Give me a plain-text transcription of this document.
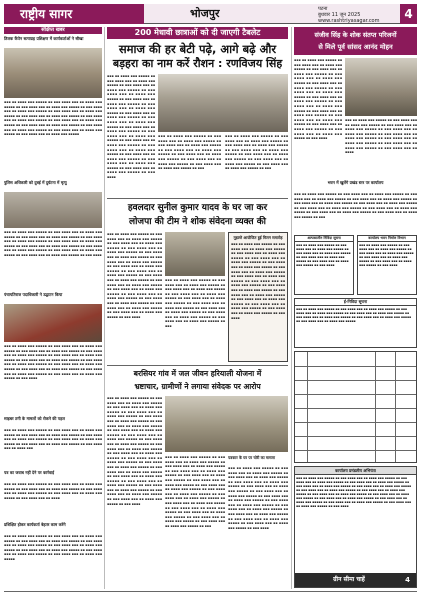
राष्ट्रीय सागर	भोजपुर	पटना
बुधवार 11 जून 2025
www.rashtriyasagar.com	4
संक्षिप्त खबर
तिलक कैंपेन सत्याग्रह प्रशिक्षण में कार्यकर्ताओं ने सीखा
▪▪▪ ▪▪ ▪▪▪▪ ▪▪▪ ▪▪▪▪▪ ▪▪ ▪▪▪ ▪▪▪▪ ▪▪▪ ▪▪ ▪▪▪▪ ▪▪▪ ▪▪▪▪▪ ▪▪ ▪▪▪ ▪▪▪▪ ▪▪▪ ▪▪ ▪▪▪▪ ▪▪▪ ▪▪▪▪▪ ▪▪ ▪▪▪ ▪▪▪▪ ▪▪▪ ▪▪ ▪▪▪▪ ▪▪▪ ▪▪▪▪▪ ▪▪ ▪▪▪ ▪▪▪▪ ▪▪▪ ▪▪ ▪▪▪▪ ▪▪▪ ▪▪▪▪▪ ▪▪ ▪▪▪ ▪▪▪▪ ▪▪▪ ▪▪ ▪▪▪▪ ▪▪▪ ▪▪▪▪▪ ▪▪ ▪▪▪ ▪▪▪▪ ▪▪▪ ▪▪ ▪▪▪▪ ▪▪▪ ▪▪▪▪▪ ▪▪ ▪▪▪ ▪▪▪▪ ▪▪▪ ▪▪ ▪▪▪▪ ▪▪▪ ▪▪▪▪▪ ▪▪ ▪▪▪ ▪▪▪▪ ▪▪▪ ▪▪ ▪▪▪▪ ▪▪▪ ▪▪▪▪▪ ▪▪ ▪▪▪ ▪▪▪▪ ▪▪▪ ▪▪ ▪▪▪▪ ▪▪▪ ▪▪▪▪▪ ▪▪ ▪▪▪ ▪▪▪▪ ▪▪▪ ▪▪ ▪▪▪▪ ▪▪▪ ▪▪▪▪▪ ▪▪ ▪▪▪ ▪▪▪▪ ▪▪▪ ▪▪ ▪▪▪▪ ▪▪▪ ▪▪▪▪▪
पुलिस अधिकारी को दुबई में दुर्घटना में मृत्यु
▪▪▪ ▪▪ ▪▪▪▪ ▪▪▪ ▪▪▪▪▪ ▪▪ ▪▪▪ ▪▪▪▪ ▪▪▪ ▪▪ ▪▪▪▪ ▪▪▪ ▪▪▪▪▪ ▪▪ ▪▪▪ ▪▪▪▪ ▪▪▪ ▪▪ ▪▪▪▪ ▪▪▪ ▪▪▪▪▪ ▪▪ ▪▪▪ ▪▪▪▪ ▪▪▪ ▪▪ ▪▪▪▪ ▪▪▪ ▪▪▪▪▪ ▪▪ ▪▪▪ ▪▪▪▪ ▪▪▪ ▪▪ ▪▪▪▪ ▪▪▪ ▪▪▪▪▪ ▪▪ ▪▪▪ ▪▪▪▪ ▪▪▪ ▪▪ ▪▪▪▪ ▪▪▪ ▪▪▪▪▪ ▪▪ ▪▪▪ ▪▪▪▪ ▪▪▪ ▪▪ ▪▪▪▪ ▪▪▪ ▪▪▪▪▪ ▪▪ ▪▪▪ ▪▪▪▪ ▪▪▪ ▪▪ ▪▪▪▪ ▪▪▪ ▪▪▪▪▪ ▪▪ ▪▪▪ ▪▪▪▪ ▪▪▪ ▪▪ ▪▪▪▪ ▪▪▪ ▪▪▪▪▪ ▪▪ ▪▪▪ ▪▪▪▪
पंचायतिराज पदाधिकारी ने उद्घाटन किया
▪▪▪ ▪▪ ▪▪▪▪ ▪▪▪ ▪▪▪▪▪ ▪▪ ▪▪▪ ▪▪▪▪ ▪▪▪ ▪▪ ▪▪▪▪ ▪▪▪ ▪▪▪▪▪ ▪▪ ▪▪▪ ▪▪▪▪ ▪▪▪ ▪▪ ▪▪▪▪ ▪▪▪ ▪▪▪▪▪ ▪▪ ▪▪▪ ▪▪▪▪ ▪▪▪ ▪▪ ▪▪▪▪ ▪▪▪ ▪▪▪▪▪ ▪▪ ▪▪▪ ▪▪▪▪ ▪▪▪ ▪▪ ▪▪▪▪ ▪▪▪ ▪▪▪▪▪ ▪▪ ▪▪▪ ▪▪▪▪ ▪▪▪ ▪▪ ▪▪▪▪ ▪▪▪ ▪▪▪▪▪ ▪▪ ▪▪▪ ▪▪▪▪ ▪▪▪ ▪▪ ▪▪▪▪ ▪▪▪ ▪▪▪▪▪ ▪▪ ▪▪▪ ▪▪▪▪ ▪▪▪ ▪▪ ▪▪▪▪ ▪▪▪ ▪▪▪▪▪ ▪▪ ▪▪▪ ▪▪▪▪ ▪▪▪ ▪▪ ▪▪▪▪ ▪▪▪ ▪▪▪▪▪ ▪▪ ▪▪▪ ▪▪▪▪ ▪▪▪ ▪▪ ▪▪▪▪ ▪▪▪ ▪▪▪▪▪ ▪▪ ▪▪▪ ▪▪▪▪ ▪▪▪ ▪▪ ▪▪▪▪ ▪▪▪ ▪▪▪▪▪ ▪▪ ▪▪▪ ▪▪▪▪
साइबर ठगी के मामलों को रोकने की पहल
▪▪▪ ▪▪ ▪▪▪▪ ▪▪▪ ▪▪▪▪▪ ▪▪ ▪▪▪ ▪▪▪▪ ▪▪▪ ▪▪ ▪▪▪▪ ▪▪▪ ▪▪▪▪▪ ▪▪ ▪▪▪ ▪▪▪▪ ▪▪▪ ▪▪ ▪▪▪▪ ▪▪▪ ▪▪▪▪▪ ▪▪ ▪▪▪ ▪▪▪▪ ▪▪▪ ▪▪ ▪▪▪▪ ▪▪▪ ▪▪▪▪▪ ▪▪ ▪▪▪ ▪▪▪▪ ▪▪▪ ▪▪ ▪▪▪▪ ▪▪▪ ▪▪▪▪▪ ▪▪ ▪▪▪ ▪▪▪▪ ▪▪▪ ▪▪ ▪▪▪▪ ▪▪▪ ▪▪▪▪▪ ▪▪ ▪▪▪ ▪▪▪▪ ▪▪▪ ▪▪ ▪▪▪▪ ▪▪▪
पत्र का जवाब नहीं देने पर कार्रवाई
▪▪▪ ▪▪ ▪▪▪▪ ▪▪▪ ▪▪▪▪▪ ▪▪ ▪▪▪ ▪▪▪▪ ▪▪▪ ▪▪ ▪▪▪▪ ▪▪▪ ▪▪▪▪▪ ▪▪ ▪▪▪ ▪▪▪▪ ▪▪▪ ▪▪ ▪▪▪▪ ▪▪▪ ▪▪▪▪▪ ▪▪ ▪▪▪ ▪▪▪▪ ▪▪▪ ▪▪ ▪▪▪▪ ▪▪▪ ▪▪▪▪▪ ▪▪ ▪▪▪ ▪▪▪▪ ▪▪▪ ▪▪ ▪▪▪▪ ▪▪▪ ▪▪▪▪▪ ▪▪ ▪▪▪ ▪▪▪▪ ▪▪▪ ▪▪ ▪▪▪▪
प्रशिक्षित होकर कार्यकर्ता बेहतर काम करेंगे
▪▪▪ ▪▪ ▪▪▪▪ ▪▪▪ ▪▪▪▪▪ ▪▪ ▪▪▪ ▪▪▪▪ ▪▪▪ ▪▪ ▪▪▪▪ ▪▪▪ ▪▪▪▪▪ ▪▪ ▪▪▪ ▪▪▪▪ ▪▪▪ ▪▪ ▪▪▪▪ ▪▪▪ ▪▪▪▪▪ ▪▪ ▪▪▪ ▪▪▪▪ ▪▪▪ ▪▪ ▪▪▪▪ ▪▪▪ ▪▪▪▪▪ ▪▪ ▪▪▪ ▪▪▪▪ ▪▪▪ ▪▪ ▪▪▪▪ ▪▪▪ ▪▪▪▪▪ ▪▪ ▪▪▪ ▪▪▪▪ ▪▪▪ ▪▪ ▪▪▪▪ ▪▪▪ ▪▪▪▪▪ ▪▪ ▪▪▪ ▪▪▪▪ ▪▪▪ ▪▪ ▪▪▪▪ ▪▪▪ ▪▪▪▪▪ ▪▪ ▪▪▪ ▪▪▪▪ ▪▪▪ ▪▪ ▪▪▪▪ ▪▪▪ ▪▪▪▪▪
200 मेधावी छात्राओं को दी जाएगी टैबलेट
समाज की हर बेटी पढ़े, आगे बढ़े और
बड़हरा का नाम करें रौशन : रणविजय सिंह
▪▪▪ ▪▪ ▪▪▪▪ ▪▪▪ ▪▪▪▪▪ ▪▪ ▪▪▪ ▪▪▪▪ ▪▪▪ ▪▪ ▪▪▪▪ ▪▪▪ ▪▪▪▪▪ ▪▪ ▪▪▪ ▪▪▪▪ ▪▪▪ ▪▪ ▪▪▪▪ ▪▪▪ ▪▪▪▪▪ ▪▪ ▪▪▪ ▪▪▪▪ ▪▪▪ ▪▪ ▪▪▪▪ ▪▪▪ ▪▪▪▪▪ ▪▪ ▪▪▪ ▪▪▪▪ ▪▪▪ ▪▪ ▪▪▪▪ ▪▪▪ ▪▪▪▪▪ ▪▪ ▪▪▪ ▪▪▪▪ ▪▪▪ ▪▪ ▪▪▪▪ ▪▪▪ ▪▪▪▪▪ ▪▪ ▪▪▪ ▪▪▪▪ ▪▪▪ ▪▪ ▪▪▪▪ ▪▪▪ ▪▪▪▪▪ ▪▪ ▪▪▪ ▪▪▪▪ ▪▪▪ ▪▪ ▪▪▪▪ ▪▪▪ ▪▪▪▪▪ ▪▪ ▪▪▪ ▪▪▪▪ ▪▪▪ ▪▪ ▪▪▪▪ ▪▪▪ ▪▪▪▪▪ ▪▪ ▪▪▪ ▪▪▪▪ ▪▪▪ ▪▪ ▪▪▪▪ ▪▪▪ ▪▪▪▪▪ ▪▪ ▪▪▪ ▪▪▪▪ ▪▪▪ ▪▪ ▪▪▪▪ ▪▪▪ ▪▪▪▪▪ ▪▪ ▪▪▪ ▪▪▪▪ ▪▪▪ ▪▪ ▪▪▪▪ ▪▪▪ ▪▪▪▪▪ ▪▪ ▪▪▪ ▪▪▪▪ ▪▪▪ ▪▪ ▪▪▪▪ ▪▪▪ ▪▪▪▪▪ ▪▪ ▪▪▪ ▪▪▪▪ ▪▪▪ ▪▪ ▪▪▪▪ ▪▪▪ ▪▪▪▪▪ ▪▪ ▪▪▪ ▪▪▪▪ ▪▪▪ ▪▪ ▪▪▪▪ ▪▪▪ ▪▪▪▪▪ ▪▪ ▪▪▪ ▪▪▪▪
▪▪▪ ▪▪ ▪▪▪▪ ▪▪▪ ▪▪▪▪▪ ▪▪ ▪▪▪ ▪▪▪▪ ▪▪▪ ▪▪ ▪▪▪▪ ▪▪▪ ▪▪▪▪▪ ▪▪ ▪▪▪ ▪▪▪▪ ▪▪▪ ▪▪ ▪▪▪▪ ▪▪▪ ▪▪▪▪▪ ▪▪ ▪▪▪ ▪▪▪▪ ▪▪▪ ▪▪ ▪▪▪▪ ▪▪▪ ▪▪▪▪▪ ▪▪ ▪▪▪ ▪▪▪▪ ▪▪▪ ▪▪ ▪▪▪▪ ▪▪▪ ▪▪▪▪▪ ▪▪ ▪▪▪ ▪▪▪▪ ▪▪▪ ▪▪ ▪▪▪▪ ▪▪▪ ▪▪▪▪▪ ▪▪ ▪▪▪ ▪▪▪▪ ▪▪▪ ▪▪ ▪▪▪▪ ▪▪▪ ▪▪▪▪▪ ▪▪ ▪▪▪
▪▪▪ ▪▪ ▪▪▪▪ ▪▪▪ ▪▪▪▪▪ ▪▪ ▪▪▪ ▪▪▪▪ ▪▪▪ ▪▪ ▪▪▪▪ ▪▪▪ ▪▪▪▪▪ ▪▪ ▪▪▪ ▪▪▪▪ ▪▪▪ ▪▪ ▪▪▪▪ ▪▪▪ ▪▪▪▪▪ ▪▪ ▪▪▪ ▪▪▪▪ ▪▪▪ ▪▪ ▪▪▪▪ ▪▪▪ ▪▪▪▪▪ ▪▪ ▪▪▪ ▪▪▪▪ ▪▪▪ ▪▪ ▪▪▪▪ ▪▪▪ ▪▪▪▪▪ ▪▪ ▪▪▪ ▪▪▪▪ ▪▪▪ ▪▪ ▪▪▪▪ ▪▪▪ ▪▪▪▪▪ ▪▪ ▪▪▪ ▪▪▪▪ ▪▪▪ ▪▪ ▪▪▪▪ ▪▪▪ ▪▪▪▪▪ ▪▪ ▪▪▪
हवलदार सुनील कुमार यादव के घर जा कर
लोजपा की टीम ने शोक संवेदना व्यक्त की
▪▪▪ ▪▪ ▪▪▪▪ ▪▪▪ ▪▪▪▪▪ ▪▪ ▪▪▪ ▪▪▪▪ ▪▪▪ ▪▪ ▪▪▪▪ ▪▪▪ ▪▪▪▪▪ ▪▪ ▪▪▪ ▪▪▪▪ ▪▪▪ ▪▪ ▪▪▪▪ ▪▪▪ ▪▪▪▪▪ ▪▪ ▪▪▪ ▪▪▪▪ ▪▪▪ ▪▪ ▪▪▪▪ ▪▪▪ ▪▪▪▪▪ ▪▪ ▪▪▪ ▪▪▪▪ ▪▪▪ ▪▪ ▪▪▪▪ ▪▪▪ ▪▪▪▪▪ ▪▪ ▪▪▪ ▪▪▪▪ ▪▪▪ ▪▪ ▪▪▪▪ ▪▪▪ ▪▪▪▪▪ ▪▪ ▪▪▪ ▪▪▪▪ ▪▪▪ ▪▪ ▪▪▪▪ ▪▪▪ ▪▪▪▪▪ ▪▪ ▪▪▪ ▪▪▪▪ ▪▪▪ ▪▪ ▪▪▪▪ ▪▪▪ ▪▪▪▪▪ ▪▪ ▪▪▪ ▪▪▪▪ ▪▪▪ ▪▪ ▪▪▪▪ ▪▪▪ ▪▪▪▪▪ ▪▪ ▪▪▪ ▪▪▪▪ ▪▪▪ ▪▪ ▪▪▪▪ ▪▪▪ ▪▪▪▪▪ ▪▪ ▪▪▪ ▪▪▪▪ ▪▪▪ ▪▪ ▪▪▪▪ ▪▪▪ ▪▪▪▪▪ ▪▪ ▪▪▪ ▪▪▪▪ ▪▪▪ ▪▪ ▪▪▪▪ ▪▪▪ ▪▪▪▪▪ ▪▪ ▪▪▪ ▪▪▪▪ ▪▪▪ ▪▪ ▪▪▪▪ ▪▪▪ ▪▪▪▪▪ ▪▪ ▪▪▪ ▪▪▪▪ ▪▪▪ ▪▪ ▪▪▪▪ ▪▪▪ ▪▪▪▪▪ ▪▪ ▪▪▪ ▪▪▪▪ ▪▪▪ ▪▪ ▪▪▪▪ ▪▪▪ ▪▪▪▪▪ ▪▪ ▪▪▪ ▪▪▪▪
▪▪▪ ▪▪ ▪▪▪▪ ▪▪▪ ▪▪▪▪▪ ▪▪ ▪▪▪ ▪▪▪▪ ▪▪▪ ▪▪ ▪▪▪▪ ▪▪▪ ▪▪▪▪▪ ▪▪ ▪▪▪ ▪▪▪▪ ▪▪▪ ▪▪ ▪▪▪▪ ▪▪▪ ▪▪▪▪▪ ▪▪ ▪▪▪ ▪▪▪▪ ▪▪▪ ▪▪ ▪▪▪▪ ▪▪▪ ▪▪▪▪▪ ▪▪ ▪▪▪ ▪▪▪▪ ▪▪▪ ▪▪ ▪▪▪▪ ▪▪▪ ▪▪▪▪▪ ▪▪ ▪▪▪ ▪▪▪▪ ▪▪▪ ▪▪ ▪▪▪▪ ▪▪▪ ▪▪▪▪▪ ▪▪ ▪▪▪ ▪▪▪▪ ▪▪▪ ▪▪ ▪▪▪▪ ▪▪▪ ▪▪▪▪▪ ▪▪ ▪▪▪ ▪▪▪▪ ▪▪▪ ▪▪ ▪▪▪▪ ▪▪▪ ▪▪▪▪▪ ▪▪ ▪▪▪ ▪▪▪▪ ▪▪▪ ▪▪ ▪▪▪▪ ▪▪▪ ▪▪▪▪▪ ▪▪ ▪▪▪
मुहल्ले आयोजित हुई मिलन समारोह
▪▪▪ ▪▪ ▪▪▪▪ ▪▪▪ ▪▪▪▪▪ ▪▪ ▪▪▪ ▪▪▪▪ ▪▪▪ ▪▪ ▪▪▪▪ ▪▪▪ ▪▪▪▪▪ ▪▪ ▪▪▪ ▪▪▪▪ ▪▪▪ ▪▪ ▪▪▪▪ ▪▪▪ ▪▪▪▪▪ ▪▪ ▪▪▪ ▪▪▪▪ ▪▪▪ ▪▪ ▪▪▪▪ ▪▪▪ ▪▪▪▪▪ ▪▪ ▪▪▪ ▪▪▪▪ ▪▪▪ ▪▪ ▪▪▪▪ ▪▪▪ ▪▪▪▪▪ ▪▪ ▪▪▪ ▪▪▪▪ ▪▪▪ ▪▪ ▪▪▪▪ ▪▪▪ ▪▪▪▪▪ ▪▪ ▪▪▪ ▪▪▪▪ ▪▪▪ ▪▪ ▪▪▪▪ ▪▪▪ ▪▪▪▪▪ ▪▪ ▪▪▪ ▪▪▪▪ ▪▪▪ ▪▪ ▪▪▪▪ ▪▪▪ ▪▪▪▪▪ ▪▪ ▪▪▪ ▪▪▪▪ ▪▪▪ ▪▪ ▪▪▪▪ ▪▪▪ ▪▪▪▪▪ ▪▪ ▪▪▪ ▪▪▪▪ ▪▪▪ ▪▪ ▪▪▪▪ ▪▪▪ ▪▪▪▪▪ ▪▪ ▪▪▪ ▪▪▪▪ ▪▪▪ ▪▪ ▪▪▪▪ ▪▪▪ ▪▪▪▪▪ ▪▪ ▪▪▪ ▪▪▪▪ ▪▪▪ ▪▪ ▪▪▪▪ ▪▪▪ ▪▪▪▪▪ ▪▪ ▪▪▪ ▪▪▪▪ ▪▪▪ ▪▪ ▪▪▪▪ ▪▪▪ ▪▪▪▪▪ ▪▪ ▪▪▪ ▪▪▪▪
बरसियर गांव में जल जीवन हरियाली योजना में
भ्रष्टाचार, ग्रामीणों ने लगाया संवेदक पर आरोप
▪▪▪ ▪▪ ▪▪▪▪ ▪▪▪ ▪▪▪▪▪ ▪▪ ▪▪▪ ▪▪▪▪ ▪▪▪ ▪▪ ▪▪▪▪ ▪▪▪ ▪▪▪▪▪ ▪▪ ▪▪▪ ▪▪▪▪ ▪▪▪ ▪▪ ▪▪▪▪ ▪▪▪ ▪▪▪▪▪ ▪▪ ▪▪▪ ▪▪▪▪ ▪▪▪ ▪▪ ▪▪▪▪ ▪▪▪ ▪▪▪▪▪ ▪▪ ▪▪▪ ▪▪▪▪ ▪▪▪ ▪▪ ▪▪▪▪ ▪▪▪ ▪▪▪▪▪ ▪▪ ▪▪▪ ▪▪▪▪ ▪▪▪ ▪▪ ▪▪▪▪ ▪▪▪ ▪▪▪▪▪ ▪▪ ▪▪▪ ▪▪▪▪ ▪▪▪ ▪▪ ▪▪▪▪ ▪▪▪ ▪▪▪▪▪ ▪▪ ▪▪▪ ▪▪▪▪ ▪▪▪ ▪▪ ▪▪▪▪ ▪▪▪ ▪▪▪▪▪ ▪▪ ▪▪▪ ▪▪▪▪ ▪▪▪ ▪▪ ▪▪▪▪ ▪▪▪ ▪▪▪▪▪ ▪▪ ▪▪▪ ▪▪▪▪ ▪▪▪ ▪▪ ▪▪▪▪ ▪▪▪ ▪▪▪▪▪ ▪▪ ▪▪▪ ▪▪▪▪ ▪▪▪ ▪▪ ▪▪▪▪ ▪▪▪ ▪▪▪▪▪ ▪▪ ▪▪▪ ▪▪▪▪ ▪▪▪ ▪▪ ▪▪▪▪ ▪▪▪ ▪▪▪▪▪ ▪▪ ▪▪▪ ▪▪▪▪ ▪▪▪ ▪▪ ▪▪▪▪ ▪▪▪ ▪▪▪▪▪ ▪▪ ▪▪▪ ▪▪▪▪ ▪▪▪ ▪▪ ▪▪▪▪ ▪▪▪ ▪▪▪▪▪ ▪▪ ▪▪▪ ▪▪▪▪ ▪▪▪ ▪▪ ▪▪▪▪ ▪▪▪ ▪▪▪▪▪ ▪▪ ▪▪▪ ▪▪▪▪ ▪▪▪ ▪▪ ▪▪▪▪ ▪▪▪ ▪▪▪▪▪ ▪▪ ▪▪▪ ▪▪▪▪ ▪▪▪ ▪▪ ▪▪▪▪ ▪▪▪ ▪▪▪▪▪ ▪▪ ▪▪▪ ▪▪▪▪ ▪▪▪ ▪▪ ▪▪▪▪ ▪▪▪ ▪▪▪▪▪ ▪▪ ▪▪▪ ▪▪▪▪ ▪▪▪ ▪▪ ▪▪▪▪ ▪▪▪ ▪▪▪▪▪ ▪▪ ▪▪▪ ▪▪▪▪
▪▪▪ ▪▪ ▪▪▪▪ ▪▪▪ ▪▪▪▪▪ ▪▪ ▪▪▪ ▪▪▪▪ ▪▪▪ ▪▪ ▪▪▪▪ ▪▪▪ ▪▪▪▪▪ ▪▪ ▪▪▪ ▪▪▪▪ ▪▪▪ ▪▪ ▪▪▪▪ ▪▪▪ ▪▪▪▪▪ ▪▪ ▪▪▪ ▪▪▪▪ ▪▪▪ ▪▪ ▪▪▪▪ ▪▪▪ ▪▪▪▪▪ ▪▪ ▪▪▪ ▪▪▪▪ ▪▪▪ ▪▪ ▪▪▪▪ ▪▪▪ ▪▪▪▪▪ ▪▪ ▪▪▪ ▪▪▪▪ ▪▪▪ ▪▪ ▪▪▪▪ ▪▪▪ ▪▪▪▪▪ ▪▪ ▪▪▪ ▪▪▪▪ ▪▪▪ ▪▪ ▪▪▪▪ ▪▪▪ ▪▪▪▪▪ ▪▪ ▪▪▪ ▪▪▪▪ ▪▪▪ ▪▪ ▪▪▪▪ ▪▪▪ ▪▪▪▪▪ ▪▪ ▪▪▪ ▪▪▪▪ ▪▪▪ ▪▪ ▪▪▪▪ ▪▪▪ ▪▪▪▪▪ ▪▪ ▪▪▪ ▪▪▪▪ ▪▪▪ ▪▪ ▪▪▪▪ ▪▪▪ ▪▪▪▪▪ ▪▪ ▪▪▪ ▪▪▪▪ ▪▪▪ ▪▪ ▪▪▪▪ ▪▪▪ ▪▪▪▪▪ ▪▪ ▪▪▪ ▪▪▪▪ ▪▪▪ ▪▪ ▪▪▪▪ ▪▪▪ ▪▪▪▪▪ ▪▪ ▪▪▪ ▪▪▪▪ ▪▪▪ ▪▪ ▪▪▪▪ ▪▪▪ ▪▪▪▪▪ ▪▪ ▪▪▪ ▪▪▪▪ ▪▪▪ ▪▪ ▪▪▪▪ ▪▪▪ ▪▪▪▪▪ ▪▪ ▪▪▪
पत्रकार के घर पर चोरी का मामला
▪▪▪ ▪▪ ▪▪▪▪ ▪▪▪ ▪▪▪▪▪ ▪▪ ▪▪▪ ▪▪▪▪ ▪▪▪ ▪▪ ▪▪▪▪ ▪▪▪ ▪▪▪▪▪ ▪▪ ▪▪▪ ▪▪▪▪ ▪▪▪ ▪▪ ▪▪▪▪ ▪▪▪ ▪▪▪▪▪ ▪▪ ▪▪▪ ▪▪▪▪ ▪▪▪ ▪▪ ▪▪▪▪ ▪▪▪ ▪▪▪▪▪ ▪▪ ▪▪▪ ▪▪▪▪ ▪▪▪ ▪▪ ▪▪▪▪ ▪▪▪ ▪▪▪▪▪ ▪▪ ▪▪▪ ▪▪▪▪ ▪▪▪ ▪▪ ▪▪▪▪ ▪▪▪ ▪▪▪▪▪ ▪▪ ▪▪▪ ▪▪▪▪ ▪▪▪ ▪▪ ▪▪▪▪ ▪▪▪ ▪▪▪▪▪ ▪▪ ▪▪▪ ▪▪▪▪ ▪▪▪ ▪▪ ▪▪▪▪ ▪▪▪ ▪▪▪▪▪ ▪▪ ▪▪▪ ▪▪▪▪ ▪▪▪ ▪▪ ▪▪▪▪ ▪▪▪ ▪▪▪▪▪ ▪▪ ▪▪▪ ▪▪▪▪ ▪▪▪ ▪▪ ▪▪▪▪ ▪▪▪ ▪▪▪▪▪ ▪▪ ▪▪▪ ▪▪▪▪ ▪▪▪ ▪▪ ▪▪▪▪ ▪▪▪ ▪▪▪▪▪ ▪▪ ▪▪▪ ▪▪▪▪ ▪▪▪ ▪▪ ▪▪▪▪ ▪▪▪ ▪▪▪▪▪ ▪▪ ▪▪▪ ▪▪▪▪
संजीव सिंह के शोक संतप्त परिजनों
से मिले पूर्व सांसद आनंद मोहन
▪▪▪ ▪▪ ▪▪▪▪ ▪▪▪ ▪▪▪▪▪ ▪▪ ▪▪▪ ▪▪▪▪ ▪▪▪ ▪▪ ▪▪▪▪ ▪▪▪ ▪▪▪▪▪ ▪▪ ▪▪▪ ▪▪▪▪ ▪▪▪ ▪▪ ▪▪▪▪ ▪▪▪ ▪▪▪▪▪ ▪▪ ▪▪▪ ▪▪▪▪ ▪▪▪ ▪▪ ▪▪▪▪ ▪▪▪ ▪▪▪▪▪ ▪▪ ▪▪▪ ▪▪▪▪ ▪▪▪ ▪▪ ▪▪▪▪ ▪▪▪ ▪▪▪▪▪ ▪▪ ▪▪▪ ▪▪▪▪ ▪▪▪ ▪▪ ▪▪▪▪ ▪▪▪ ▪▪▪▪▪ ▪▪ ▪▪▪ ▪▪▪▪ ▪▪▪ ▪▪ ▪▪▪▪ ▪▪▪ ▪▪▪▪▪ ▪▪ ▪▪▪ ▪▪▪▪ ▪▪▪ ▪▪ ▪▪▪▪ ▪▪▪ ▪▪▪▪▪ ▪▪ ▪▪▪ ▪▪▪▪ ▪▪▪ ▪▪ ▪▪▪▪ ▪▪▪ ▪▪▪▪▪ ▪▪ ▪▪▪ ▪▪▪▪ ▪▪▪ ▪▪ ▪▪▪▪ ▪▪▪ ▪▪▪▪▪ ▪▪ ▪▪▪ ▪▪▪▪ ▪▪▪ ▪▪ ▪▪▪▪ ▪▪▪ ▪▪▪▪▪ ▪▪ ▪▪▪ ▪▪▪▪ ▪▪▪ ▪▪ ▪▪▪▪ ▪▪▪ ▪▪▪▪▪ ▪▪ ▪▪▪ ▪▪▪▪
▪▪▪ ▪▪ ▪▪▪▪ ▪▪▪ ▪▪▪▪▪ ▪▪ ▪▪▪ ▪▪▪▪ ▪▪▪ ▪▪ ▪▪▪▪ ▪▪▪ ▪▪▪▪▪ ▪▪ ▪▪▪ ▪▪▪▪ ▪▪▪ ▪▪ ▪▪▪▪ ▪▪▪ ▪▪▪▪▪ ▪▪ ▪▪▪ ▪▪▪▪ ▪▪▪ ▪▪ ▪▪▪▪ ▪▪▪ ▪▪▪▪▪ ▪▪ ▪▪▪ ▪▪▪▪ ▪▪▪ ▪▪ ▪▪▪▪ ▪▪▪ ▪▪▪▪▪ ▪▪ ▪▪▪ ▪▪▪▪ ▪▪▪ ▪▪ ▪▪▪▪ ▪▪▪ ▪▪▪▪▪ ▪▪ ▪▪▪ ▪▪▪▪ ▪▪▪ ▪▪ ▪▪▪▪ ▪▪▪ ▪▪▪▪▪ ▪▪ ▪▪▪ ▪▪▪▪ ▪▪▪ ▪▪ ▪▪▪▪
भवन में खुलेंगे प्रखंड स्तर पर कार्यालय
▪▪▪ ▪▪ ▪▪▪▪ ▪▪▪ ▪▪▪▪▪ ▪▪ ▪▪▪ ▪▪▪▪ ▪▪▪ ▪▪ ▪▪▪▪ ▪▪▪ ▪▪▪▪▪ ▪▪ ▪▪▪ ▪▪▪▪ ▪▪▪ ▪▪ ▪▪▪▪ ▪▪▪ ▪▪▪▪▪ ▪▪ ▪▪▪ ▪▪▪▪ ▪▪▪ ▪▪ ▪▪▪▪ ▪▪▪ ▪▪▪▪▪ ▪▪ ▪▪▪ ▪▪▪▪ ▪▪▪ ▪▪ ▪▪▪▪ ▪▪▪ ▪▪▪▪▪ ▪▪ ▪▪▪ ▪▪▪▪ ▪▪▪ ▪▪ ▪▪▪▪ ▪▪▪ ▪▪▪▪▪ ▪▪ ▪▪▪ ▪▪▪▪ ▪▪▪ ▪▪ ▪▪▪▪ ▪▪▪ ▪▪▪▪▪ ▪▪ ▪▪▪ ▪▪▪▪ ▪▪▪ ▪▪ ▪▪▪▪ ▪▪▪ ▪▪▪▪▪ ▪▪ ▪▪▪ ▪▪▪▪ ▪▪▪ ▪▪ ▪▪▪▪ ▪▪▪ ▪▪▪▪▪ ▪▪ ▪▪▪ ▪▪▪▪ ▪▪▪ ▪▪ ▪▪▪▪ ▪▪▪ ▪▪▪▪▪ ▪▪ ▪▪▪
अल्पकालीन निविदा सूचना
▪▪▪ ▪▪ ▪▪▪▪ ▪▪▪ ▪▪▪▪▪ ▪▪ ▪▪▪ ▪▪▪▪ ▪▪▪ ▪▪ ▪▪▪▪ ▪▪▪ ▪▪▪▪▪ ▪▪ ▪▪▪ ▪▪▪▪ ▪▪▪ ▪▪ ▪▪▪▪ ▪▪▪ ▪▪▪▪▪ ▪▪ ▪▪▪ ▪▪▪▪ ▪▪▪ ▪▪ ▪▪▪▪ ▪▪▪ ▪▪▪▪▪ ▪▪ ▪▪▪ ▪▪▪▪ ▪▪▪ ▪▪ ▪▪▪▪ ▪▪▪ ▪▪▪▪▪ ▪▪ ▪▪▪ ▪▪▪▪
कार्यालय भवन निर्माण विभाग
▪▪▪ ▪▪ ▪▪▪▪ ▪▪▪ ▪▪▪▪▪ ▪▪ ▪▪▪ ▪▪▪▪ ▪▪▪ ▪▪ ▪▪▪▪ ▪▪▪ ▪▪▪▪▪ ▪▪ ▪▪▪ ▪▪▪▪ ▪▪▪ ▪▪ ▪▪▪▪ ▪▪▪ ▪▪▪▪▪ ▪▪ ▪▪▪ ▪▪▪▪ ▪▪▪ ▪▪ ▪▪▪▪ ▪▪▪ ▪▪▪▪▪ ▪▪ ▪▪▪ ▪▪▪▪ ▪▪▪ ▪▪ ▪▪▪▪ ▪▪▪ ▪▪▪▪▪ ▪▪ ▪▪▪ ▪▪▪▪
ई-निविदा सूचना
▪▪▪ ▪▪ ▪▪▪▪ ▪▪▪ ▪▪▪▪▪ ▪▪ ▪▪▪ ▪▪▪▪ ▪▪▪ ▪▪ ▪▪▪▪ ▪▪▪ ▪▪▪▪▪ ▪▪ ▪▪▪ ▪▪▪▪ ▪▪▪ ▪▪ ▪▪▪▪ ▪▪▪ ▪▪▪▪▪ ▪▪ ▪▪▪ ▪▪▪▪ ▪▪▪ ▪▪ ▪▪▪▪ ▪▪▪ ▪▪▪▪▪ ▪▪ ▪▪▪ ▪▪▪▪ ▪▪▪ ▪▪ ▪▪▪▪ ▪▪▪ ▪▪▪▪▪ ▪▪ ▪▪▪ ▪▪▪▪ ▪▪▪ ▪▪ ▪▪▪▪ ▪▪▪ ▪▪▪▪▪ ▪▪ ▪▪▪ ▪▪▪▪ ▪▪▪ ▪▪ ▪▪▪▪ ▪▪▪ ▪▪▪▪▪
कार्यालय प्रमंडलीय अभियंता
▪▪▪ ▪▪ ▪▪▪▪ ▪▪▪ ▪▪▪▪▪ ▪▪ ▪▪▪ ▪▪▪▪ ▪▪▪ ▪▪ ▪▪▪▪ ▪▪▪ ▪▪▪▪▪ ▪▪ ▪▪▪ ▪▪▪▪ ▪▪▪ ▪▪ ▪▪▪▪ ▪▪▪ ▪▪▪▪▪ ▪▪ ▪▪▪ ▪▪▪▪ ▪▪▪ ▪▪ ▪▪▪▪ ▪▪▪ ▪▪▪▪▪ ▪▪ ▪▪▪ ▪▪▪▪ ▪▪▪ ▪▪ ▪▪▪▪ ▪▪▪ ▪▪▪▪▪ ▪▪ ▪▪▪ ▪▪▪▪ ▪▪▪ ▪▪ ▪▪▪▪ ▪▪▪ ▪▪▪▪▪ ▪▪ ▪▪▪ ▪▪▪▪ ▪▪▪ ▪▪ ▪▪▪▪ ▪▪▪ ▪▪▪▪▪ ▪▪ ▪▪▪ ▪▪▪▪ ▪▪▪ ▪▪ ▪▪▪▪ ▪▪▪ ▪▪▪▪▪ ▪▪ ▪▪▪ ▪▪▪▪ ▪▪▪ ▪▪ ▪▪▪▪ ▪▪▪ ▪▪▪▪▪ ▪▪ ▪▪▪ ▪▪▪▪ ▪▪▪ ▪▪ ▪▪▪▪ ▪▪▪ ▪▪▪▪▪ ▪▪ ▪▪▪ ▪▪▪▪ ▪▪▪ ▪▪ ▪▪▪▪ ▪▪▪ ▪▪▪▪▪ ▪▪ ▪▪▪ ▪▪▪▪ ▪▪▪ ▪▪ ▪▪▪▪ ▪▪▪ ▪▪▪▪▪ ▪▪ ▪▪▪ ▪▪▪▪ ▪▪▪ ▪▪ ▪▪▪▪ ▪▪▪ ▪▪▪▪▪ ▪▪ ▪▪▪ ▪▪▪▪ ▪▪▪ ▪▪ ▪▪▪▪ ▪▪▪ ▪▪▪▪▪ ▪▪ ▪▪▪ ▪▪▪▪
ग्रीन सीमा चाहें	4
